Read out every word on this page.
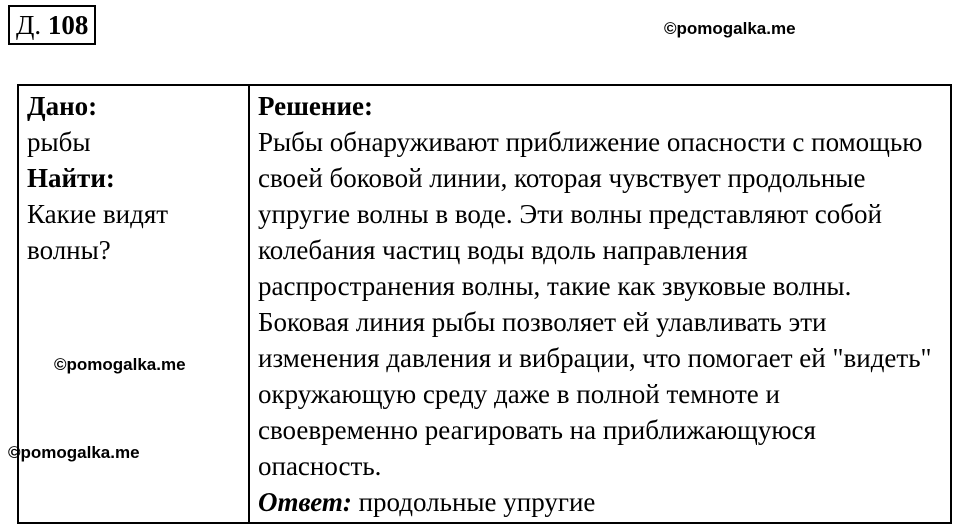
Д. 108	©pomogalka.me
Дано:
рыбы
Найти:
Какие видят волны?

Решение:
Рыбы обнаруживают приближение опасности с помощью своей боковой линии, которая чувствует продольные упругие волны в воде. Эти волны представляют собой колебания частиц воды вдоль направления распространения волны, такие как звуковые волны. Боковая линия рыбы позволяет ей улавливать эти изменения давления и вибрации, что помогает ей "видеть" окружающую среду даже в полной темноте и своевременно реагировать на приближающуюся опасность.
Ответ: продольные упругие
©pomogalka.me
©pomogalka.me
